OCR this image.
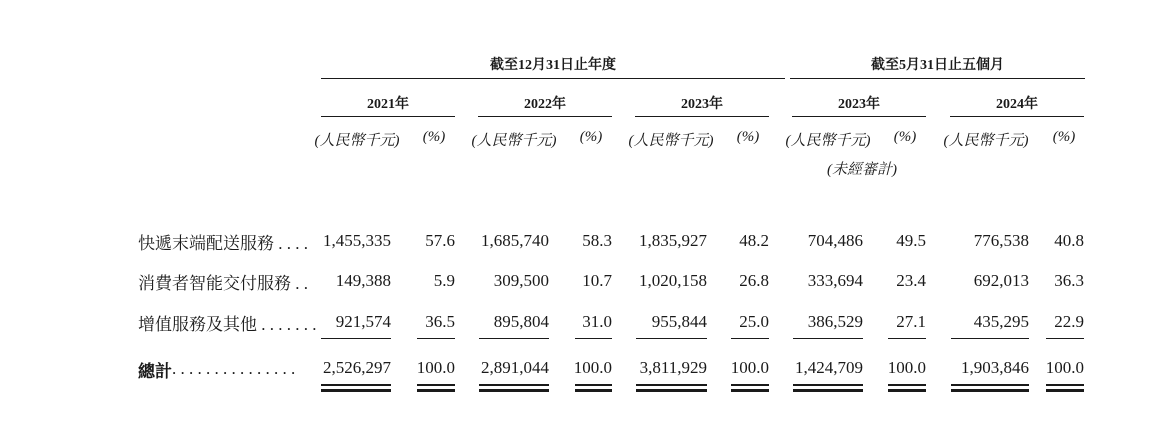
截至12月31日止年度	截至5月31日止五個月
2021年	2022年	2023年	2023年	2024年
(人民幣千元)	(%)	(人民幣千元)	(%)	(人民幣千元)	(%)	(人民幣千元)	(%)	(人民幣千元)	(%)
(未經審計)
快遞末端配送服務 . . . . 1,455,335	57.6	1,685,740	58.3	1,835,927	48.2	704,486	49.5	776,538	40.8
消費者智能交付服務 . .	149,388	5.9	309,500	10.7	1,020,158	26.8	333,694	23.4	692,013	36.3
增值服務及其他 . . . . . . .	921,574	36.5	895,804	31.0	955,844	25.0	386,529	27.1	435,295	22.9
總計 . . . . . . . . . . . . . . .	2,526,297	100.0	2,891,044	100.0	3,811,929	100.0	1,424,709	100.0	1,903,846 100.0
